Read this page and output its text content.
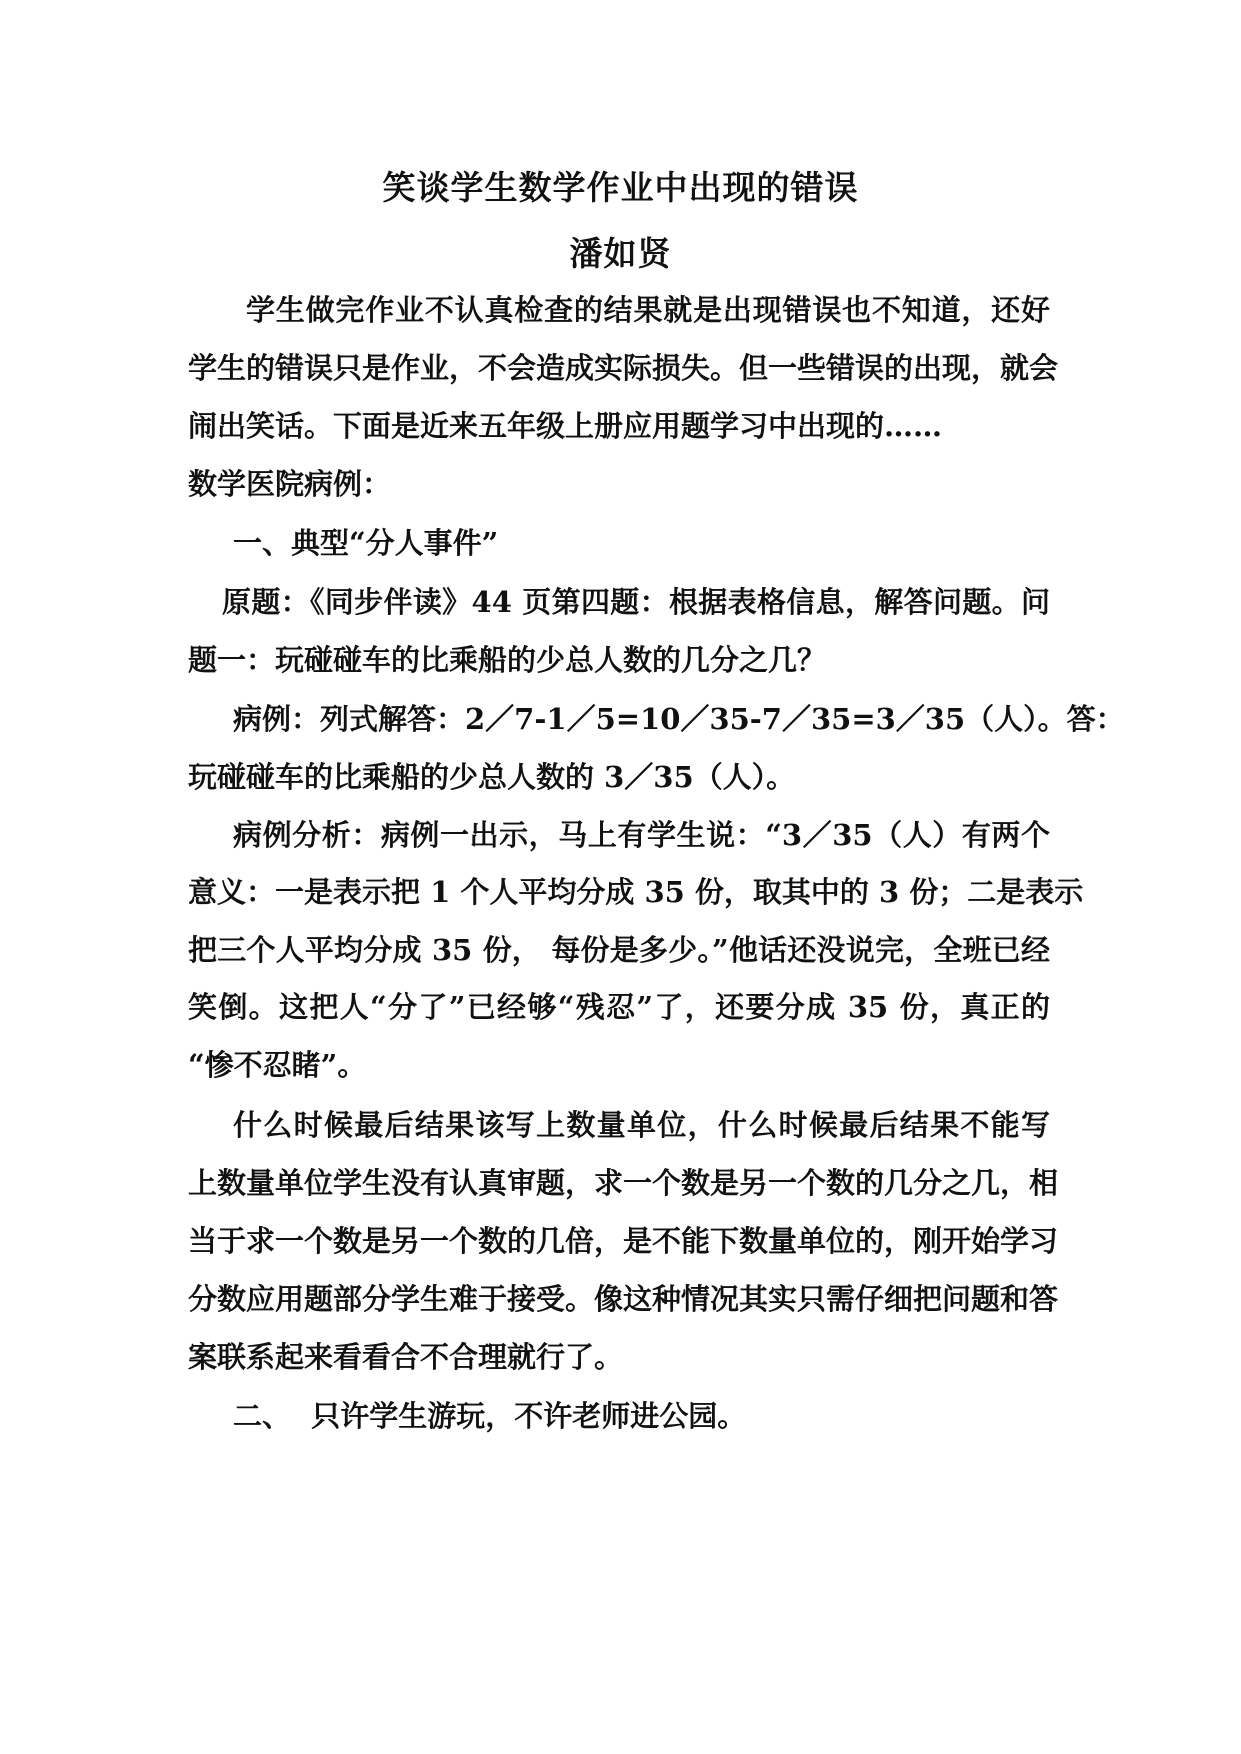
笑谈学生数学作业中出现的错误
潘如贤
学生做完作业不认真检查的结果就是出现错误也不知道，还好
学生的错误只是作业，不会造成实际损失。但一些错误的出现，就会
闹出笑话。下面是近来五年级上册应用题学习中出现的……
数学医院病例：
一、典型“分人事件”
原题：《同步伴读》44 页第四题：根据表格信息，解答问题。问
题一：玩碰碰车的比乘船的少总人数的几分之几？
病例：列式解答：2／7-1／5=10／35-7／35=3／35（人）。答：
玩碰碰车的比乘船的少总人数的 3／35（人）。
病例分析：病例一出示，马上有学生说：“3／35（人）有两个
意义：一是表示把 1 个人平均分成 35 份，取其中的 3 份；二是表示
把三个人平均分成 35 份， 每份是多少。”他话还没说完，全班已经
笑倒。这把人“分了”已经够“残忍”了，还要分成 35 份，真正的
“惨不忍睹”。
什么时候最后结果该写上数量单位，什么时候最后结果不能写
上数量单位学生没有认真审题，求一个数是另一个数的几分之几，相
当于求一个数是另一个数的几倍，是不能下数量单位的，刚开始学习
分数应用题部分学生难于接受。像这种情况其实只需仔细把问题和答
案联系起来看看合不合理就行了。
二、  只许学生游玩，不许老师进公园。
